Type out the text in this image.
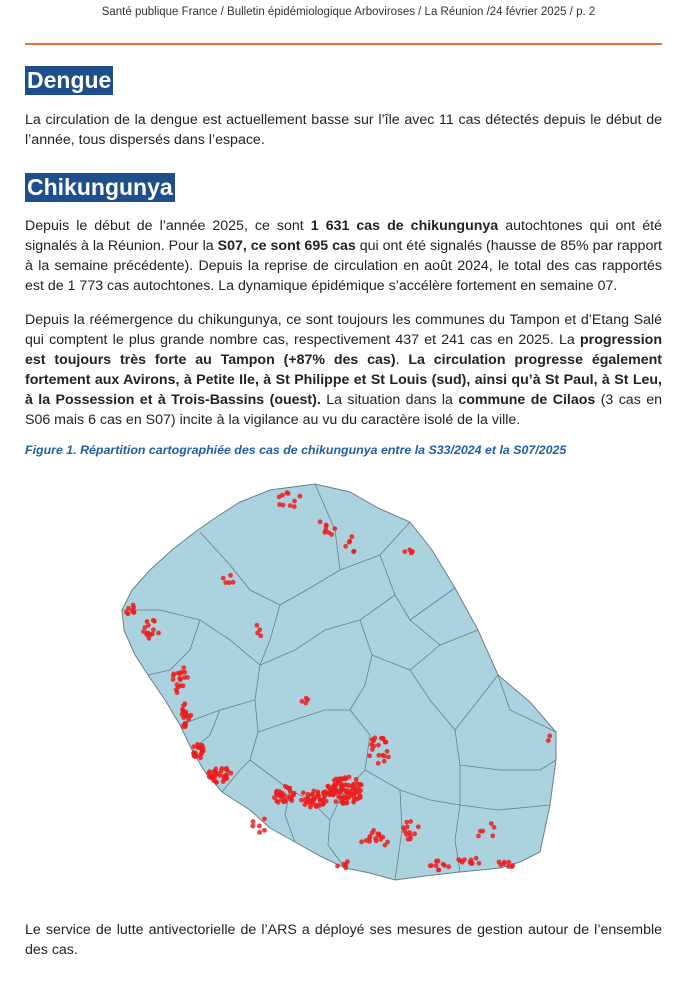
Santé publique France / Bulletin épidémiologique Arboviroses / La Réunion /24 février 2025 / p. 2
Dengue

La circulation de la dengue est actuellement basse sur l’île avec 11 cas détectés depuis le début de l’année, tous dispersés dans l’espace.

Chikungunya

Depuis le début de l’année 2025, ce sont 1 631 cas de chikungunya autochtones qui ont été signalés à la Réunion. Pour la S07, ce sont 695 cas qui ont été signalés (hausse de 85% par rapport à la semaine précédente). Depuis la reprise de circulation en août 2024, le total des cas rapportés est de 1 773 cas autochtones. La dynamique épidémique s’accélère fortement en semaine 07.

Depuis la réémergence du chikungunya, ce sont toujours les communes du Tampon et d’Etang Salé qui comptent le plus grande nombre cas, respectivement 437 et 241 cas en 2025. La progression est toujours très forte au Tampon (+87% des cas). La circulation progresse également fortement aux Avirons, à Petite Ile, à St Philippe et St Louis (sud), ainsi qu’à St Paul, à St Leu, à la Possession et à Trois-Bassins (ouest). La situation dans la commune de Cilaos (3 cas en S06 mais 6 cas en S07) incite à la vigilance au vu du caractère isolé de la ville.

Figure 1. Répartition cartographiée des cas de chikungunya entre la S33/2024 et la S07/2025

Le service de lutte antivectorielle de l’ARS a déployé ses mesures de gestion autour de l’ensemble des cas.
